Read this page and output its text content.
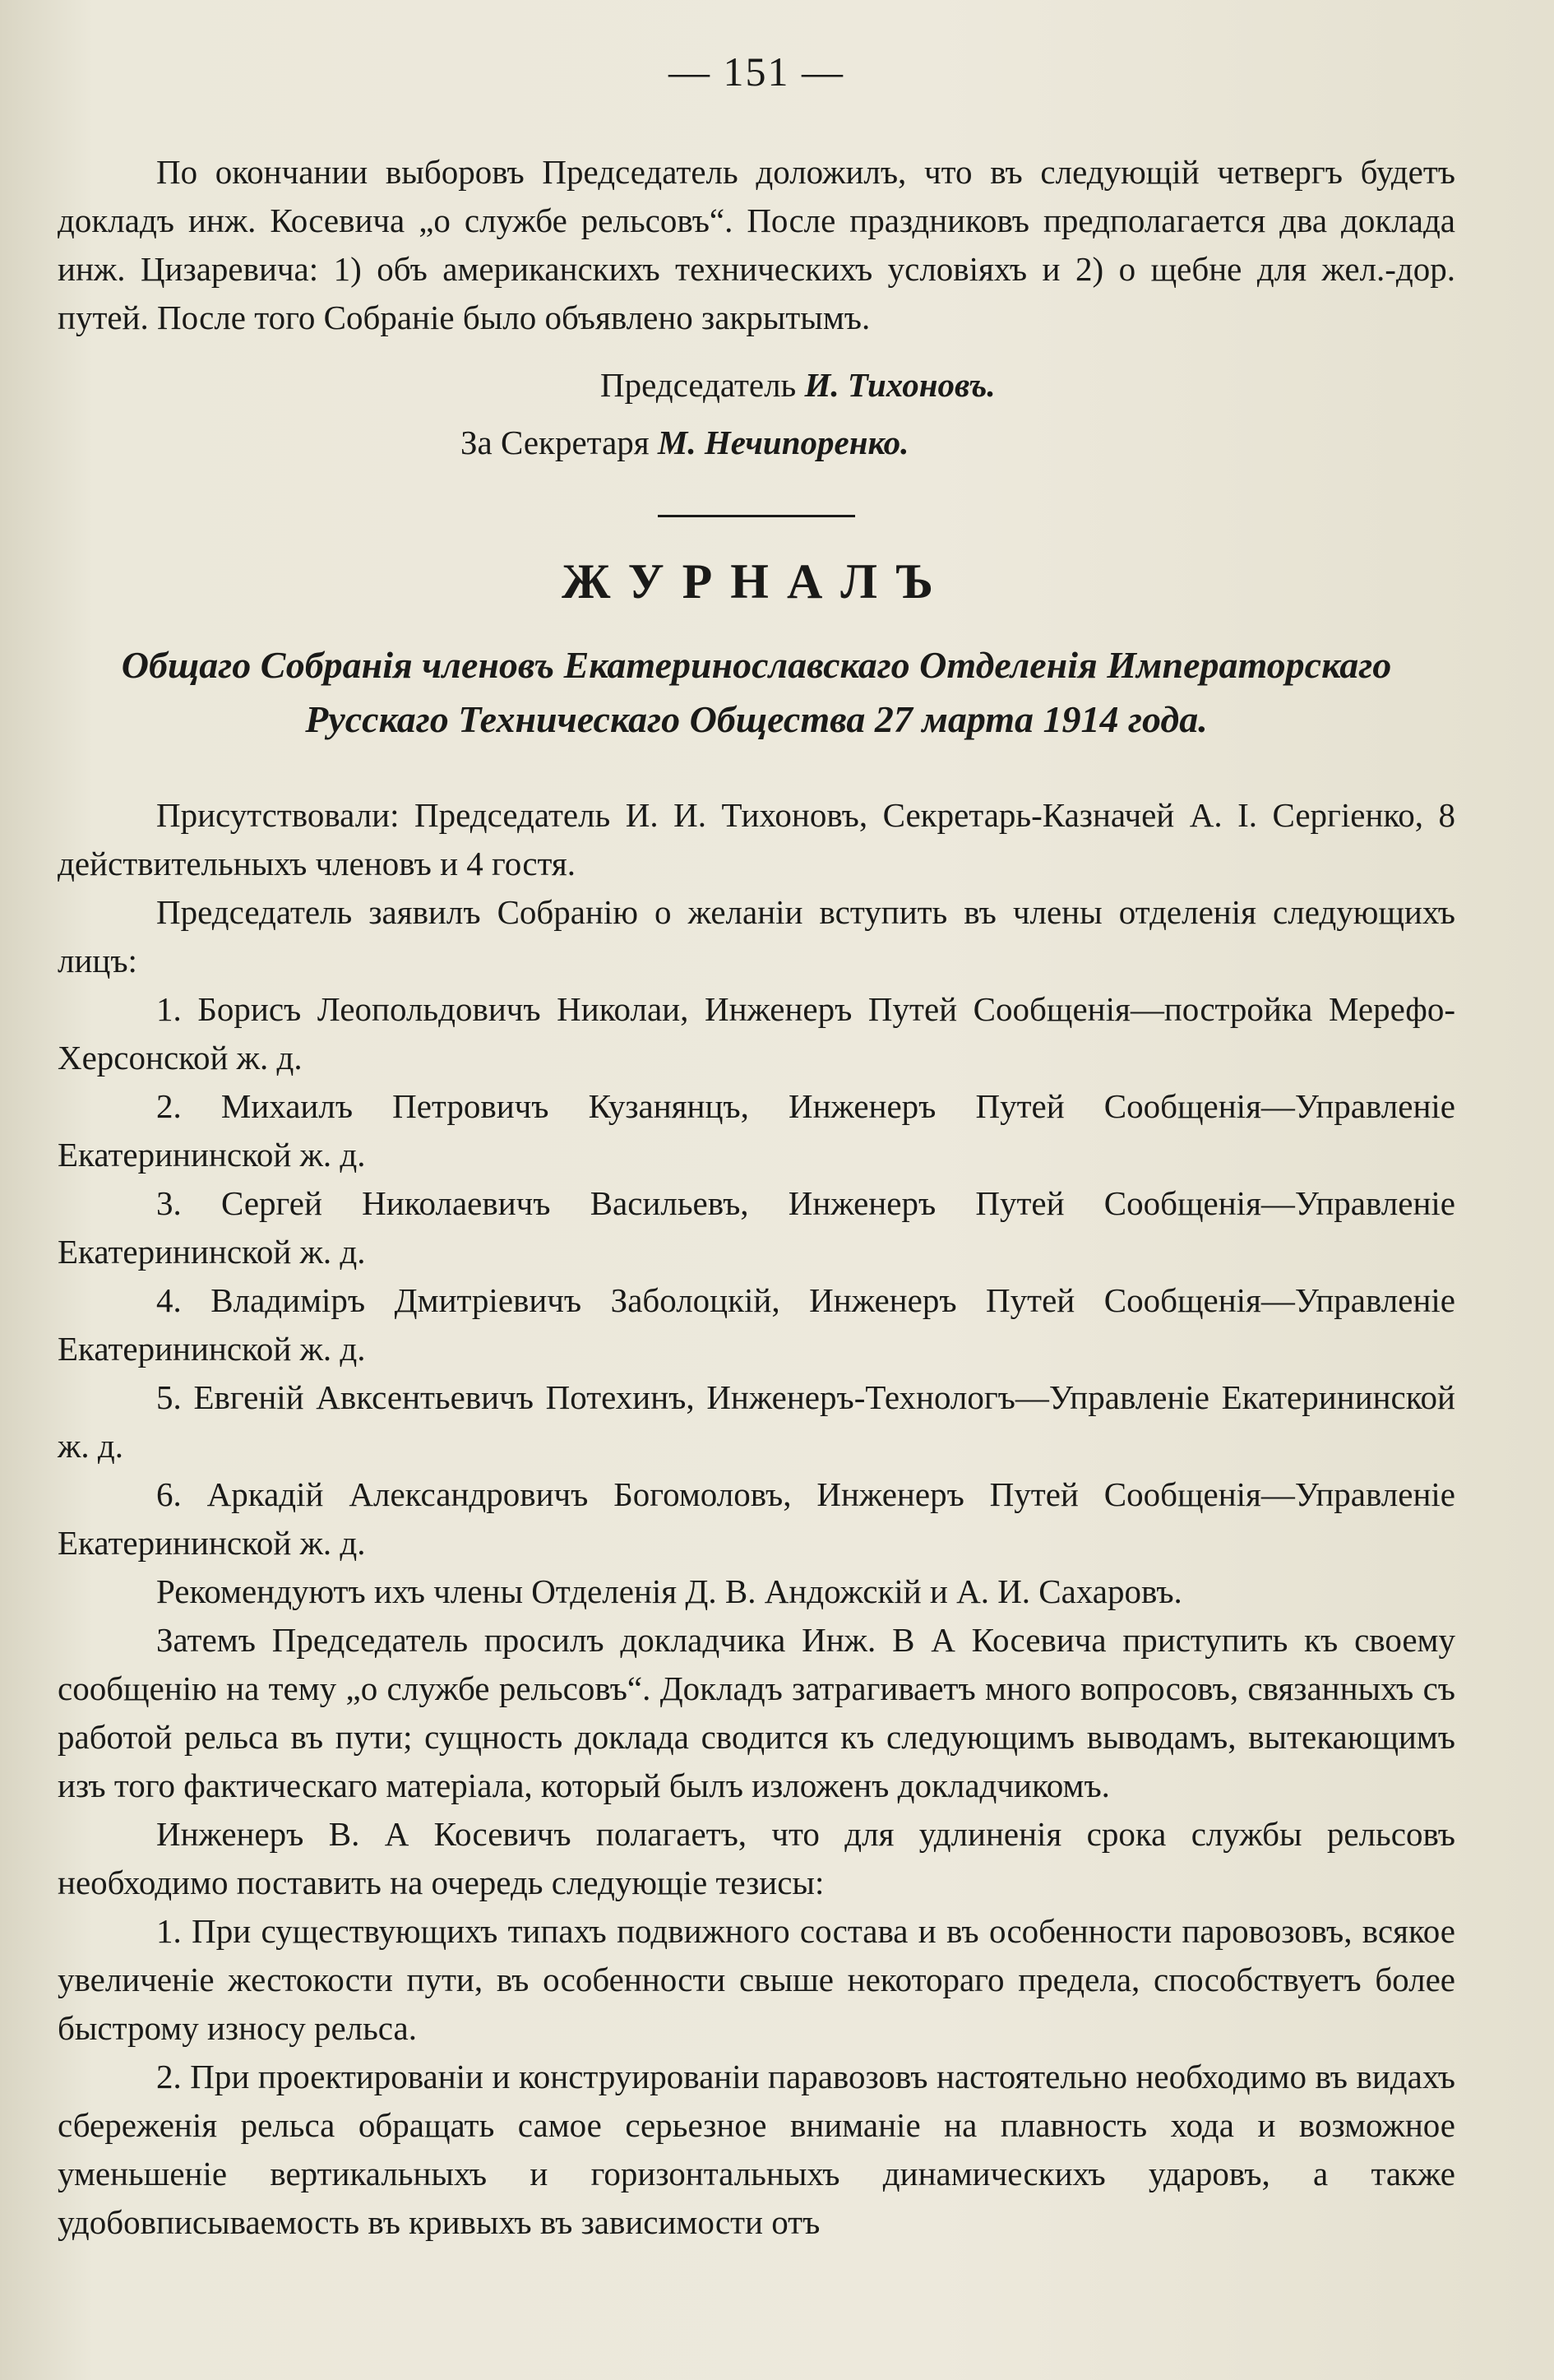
— 151 —

По окончании выборовъ Председатель доложилъ, что въ следующій четвергъ будетъ докладъ инж. Косевича „о службе рельсовъ“. После праздниковъ предполагается два доклада инж. Цизаревича: 1) объ американскихъ техническихъ условіяхъ и 2) о щебне для жел.-дор. путей. После того Собраніе было объявлено закрытымъ.

Председатель И. Тихоновъ.
За Секретаря М. Нечипоренко.
ЖУРНАЛЪ
Общаго Собранія членовъ Екатеринославскаго Отделенія Императорскаго Русскаго Техническаго Общества 27 марта 1914 года.

Присутствовали: Председатель И. И. Тихоновъ, Секретарь-Казначей А. І. Сергіенко, 8 действительныхъ членовъ и 4 гостя.

Председатель заявилъ Собранію о желаніи вступить въ члены отделенія следующихъ лицъ:

1. Борисъ Леопольдовичъ Николаи, Инженеръ Путей Сообщенія—постройка Мерефо-Херсонской ж. д.

2. Михаилъ Петровичъ Кузанянцъ, Инженеръ Путей Сообщенія—Управленіе Екатерининской ж. д.

3. Сергей Николаевичъ Васильевъ, Инженеръ Путей Сообщенія—Управленіе Екатерининской ж. д.

4. Владиміръ Дмитріевичъ Заболоцкій, Инженеръ Путей Сообщенія—Управленіе Екатерининской ж. д.

5. Евгеній Авксентьевичъ Потехинъ, Инженеръ-Технологъ—Управленіе Екатерининской ж. д.

6. Аркадій Александровичъ Богомоловъ, Инженеръ Путей Сообщенія—Управленіе Екатерининской ж. д.

Рекомендуютъ ихъ члены Отделенія Д. В. Андожскій и А. И. Сахаровъ.

Затемъ Председатель просилъ докладчика Инж. В А Косевича приступить къ своему сообщенію на тему „о службе рельсовъ“. Докладъ затрагиваетъ много вопросовъ, связанныхъ съ работой рельса въ пути; сущность доклада сводится къ следующимъ выводамъ, вытекающимъ изъ того фактическаго матеріала, который былъ изложенъ докладчикомъ.

Инженеръ В. А Косевичъ полагаетъ, что для удлиненія срока службы рельсовъ необходимо поставить на очередь следующіе тезисы:

1. При существующихъ типахъ подвижного состава и въ особенности паровозовъ, всякое увеличеніе жестокости пути, въ особенности свыше некотораго предела, способствуетъ более быстрому износу рельса.

2. При проектированіи и конструированіи паравозовъ настоятельно необходимо въ видахъ сбереженія рельса обращать самое серьезное вниманіе на плавность хода и возможное уменьшеніе вертикальныхъ и горизонтальныхъ динамическихъ ударовъ, а также удобовписываемость въ кривыхъ въ зависимости отъ
